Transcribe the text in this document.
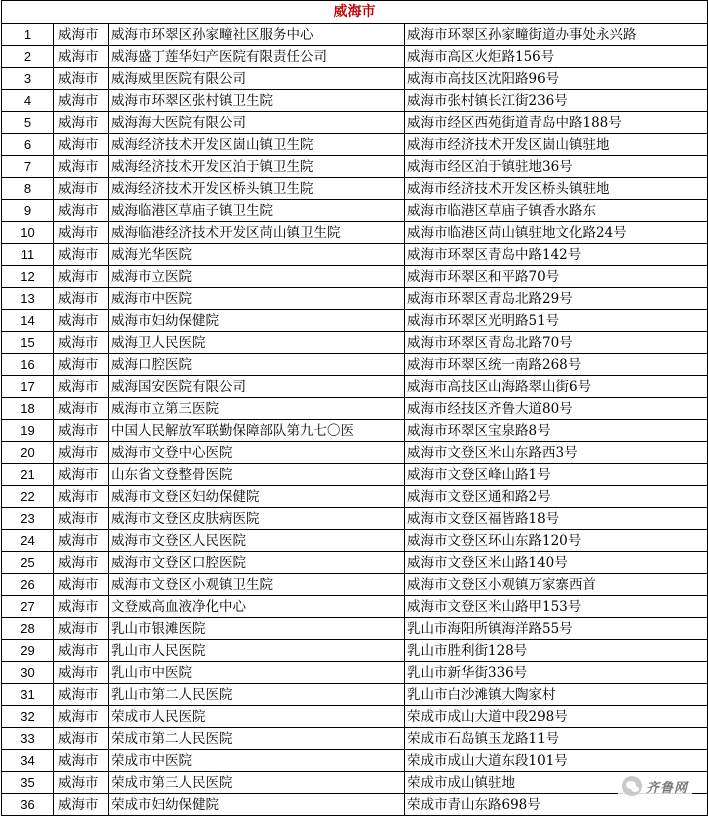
威海市			
1	威海市	威海市环翠区孙家疃社区服务中心	威海市环翠区孙家疃街道办事处永兴路
2	威海市	威海盛丁莲华妇产医院有限责任公司	威海市高区火炬路156号
3	威海市	威海威里医院有限公司	威海市高技区沈阳路96号
4	威海市	威海市环翠区张村镇卫生院	威海市张村镇长江街236号
5	威海市	威海海大医院有限公司	威海市经区西苑街道青岛中路188号
6	威海市	威海经济技术开发区崮山镇卫生院	威海市经济技术开发区崮山镇驻地
7	威海市	威海经济技术开发区泊于镇卫生院	威海市经区泊于镇驻地36号
8	威海市	威海经济技术开发区桥头镇卫生院	威海市经济技术开发区桥头镇驻地
9	威海市	威海临港区草庙子镇卫生院	威海市临港区草庙子镇香水路东
10	威海市	威海临港经济技术开发区苘山镇卫生院	威海市临港区苘山镇驻地文化路24号
11	威海市	威海光华医院	威海市环翠区青岛中路142号
12	威海市	威海市立医院	威海市环翠区和平路70号
13	威海市	威海市中医院	威海市环翠区青岛北路29号
14	威海市	威海市妇幼保健院	威海市环翠区光明路51号
15	威海市	威海卫人民医院	威海市环翠区青岛北路70号
16	威海市	威海口腔医院	威海市环翠区统一南路268号
17	威海市	威海国安医院有限公司	威海市高技区山海路翠山街6号
18	威海市	威海市立第三医院	威海市经技区齐鲁大道80号
19	威海市	中国人民解放军联勤保障部队第九七〇医	威海市环翠区宝泉路8号
20	威海市	威海市文登中心医院	威海市文登区米山东路西3号
21	威海市	山东省文登整骨医院	威海市文登区峰山路1号
22	威海市	威海市文登区妇幼保健院	威海市文登区通和路2号
23	威海市	威海市文登区皮肤病医院	威海市文登区福皆路18号
24	威海市	威海市文登区人民医院	威海市文登区环山东路120号
25	威海市	威海市文登区口腔医院	威海市文登区米山路140号
26	威海市	威海市文登区小观镇卫生院	威海市文登区小观镇万家寨西首
27	威海市	文登威高血液净化中心	威海市文登区米山路甲153号
28	威海市	乳山市银滩医院	乳山市海阳所镇海洋路55号
29	威海市	乳山市人民医院	乳山市胜利街128号
30	威海市	乳山市中医院	乳山市新华街336号
31	威海市	乳山市第二人民医院	乳山市白沙滩镇大陶家村
32	威海市	荣成市人民医院	荣成市成山大道中段298号
33	威海市	荣成市第二人民医院	荣成市石岛镇玉龙路11号
34	威海市	荣成市中医院	荣成市成山大道东段101号
35	威海市	荣成市第三人民医院	荣成市成山镇驻地
36	威海市	荣成市妇幼保健院	荣成市青山东路698号
齐鲁网
